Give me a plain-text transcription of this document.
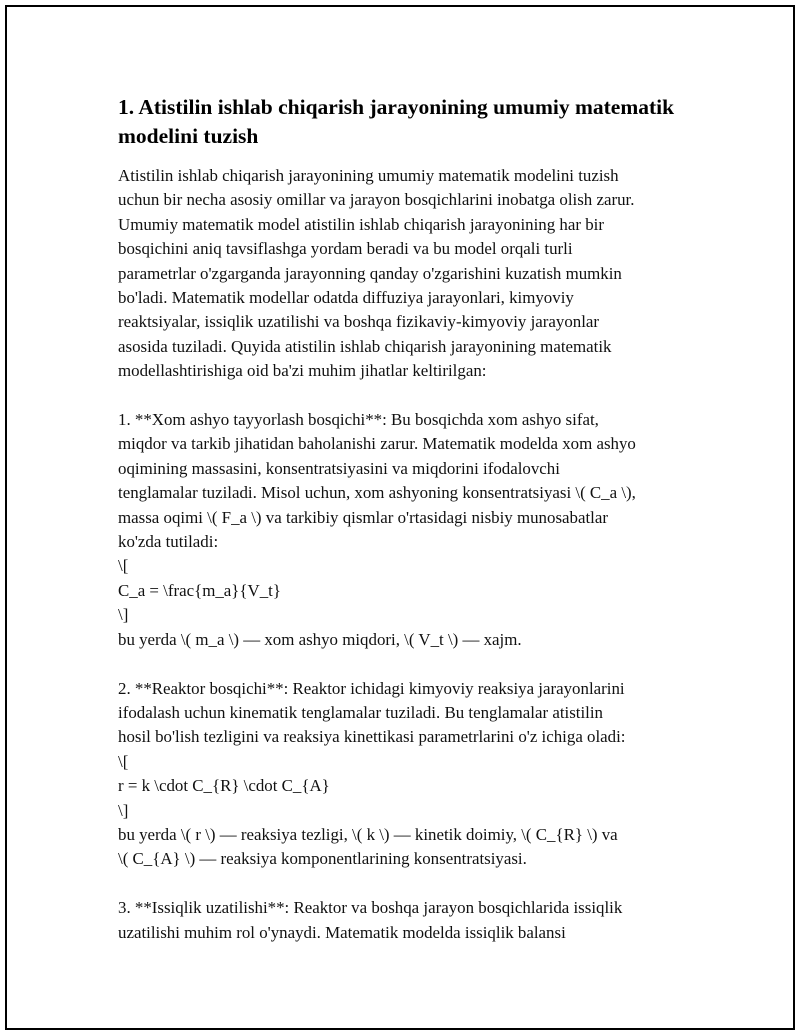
1. Atistilin ishlab chiqarish jarayonining umumiy matematik modelini tuzish
Atistilin ishlab chiqarish jarayonining umumiy matematik modelini tuzish
uchun bir necha asosiy omillar va jarayon bosqichlarini inobatga olish zarur.
Umumiy matematik model atistilin ishlab chiqarish jarayonining har bir
bosqichini aniq tavsiflashga yordam beradi va bu model orqali turli
parametrlar o'zgarganda jarayonning qanday o'zgarishini kuzatish mumkin
bo'ladi. Matematik modellar odatda diffuziya jarayonlari, kimyoviy
reaktsiyalar, issiqlik uzatilishi va boshqa fizikaviy-kimyoviy jarayonlar
asosida tuziladi. Quyida atistilin ishlab chiqarish jarayonining matematik
modellashtirishiga oid ba'zi muhim jihatlar keltirilgan:
1. **Xom ashyo tayyorlash bosqichi**: Bu bosqichda xom ashyo sifat,
miqdor va tarkib jihatidan baholanishi zarur. Matematik modelda xom ashyo
oqimining massasini, konsentratsiyasini va miqdorini ifodalovchi
tenglamalar tuziladi. Misol uchun, xom ashyoning konsentratsiyasi \( C_a \),
massa oqimi \( F_a \) va tarkibiy qismlar o'rtasidagi nisbiy munosabatlar
ko'zda tutiladi:
\[
C_a = \frac{m_a}{V_t}
\]
bu yerda \( m_a \) — xom ashyo miqdori, \( V_t \) — xajm.
2. **Reaktor bosqichi**: Reaktor ichidagi kimyoviy reaksiya jarayonlarini
ifodalash uchun kinematik tenglamalar tuziladi. Bu tenglamalar atistilin
hosil bo'lish tezligini va reaksiya kinettikasi parametrlarini o'z ichiga oladi:
\[
r = k \cdot C_{R} \cdot C_{A}
\]
bu yerda \( r \) — reaksiya tezligi, \( k \) — kinetik doimiy, \( C_{R} \) va
\( C_{A} \) — reaksiya komponentlarining konsentratsiyasi.
3. **Issiqlik uzatilishi**: Reaktor va boshqa jarayon bosqichlarida issiqlik
uzatilishi muhim rol o'ynaydi. Matematik modelda issiqlik balansi
